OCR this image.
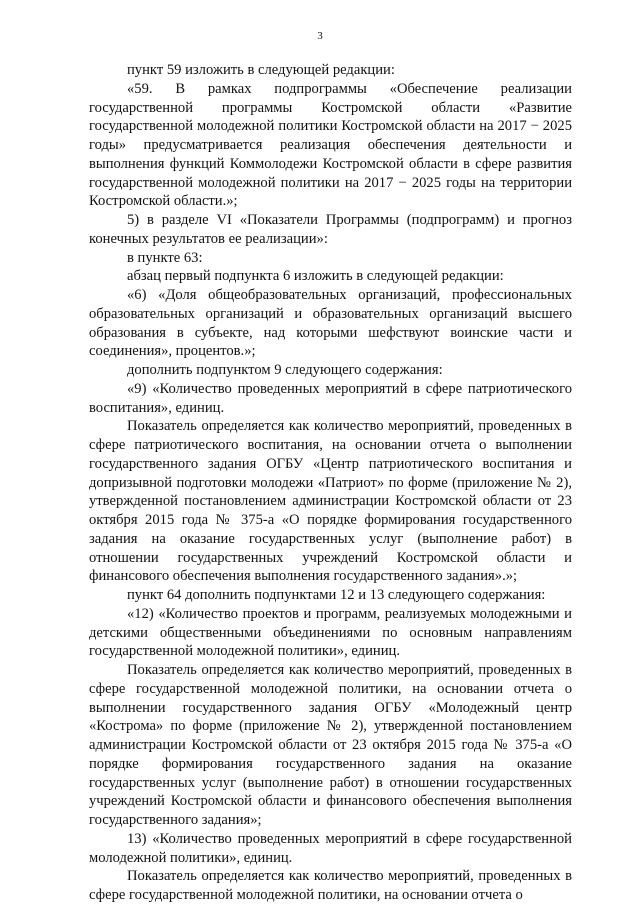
3

пункт 59 изложить в следующей редакции:

«59. В рамках подпрограммы «Обеспечение реализации государственной программы Костромской области «Развитие государственной молодежной политики Костромской области на 2017 − 2025 годы» предусматривается реализация обеспечения деятельности и выполнения функций Коммолодежи Костромской области в сфере развития государственной молодежной политики на 2017 − 2025 годы на территории Костромской области.»;

5) в разделе VI «Показатели Программы (подпрограмм) и прогноз конечных результатов ее реализации»:

в пункте 63:

абзац первый подпункта 6 изложить в следующей редакции:

«6) «Доля общеобразовательных организаций, профессиональных образовательных организаций и образовательных организаций высшего образования в субъекте, над которыми шефствуют воинские части и соединения», процентов.»;

дополнить подпунктом 9 следующего содержания:

«9) «Количество проведенных мероприятий в сфере патриотического воспитания», единиц.

Показатель определяется как количество мероприятий, проведенных в сфере патриотического воспитания, на основании отчета о выполнении государственного задания ОГБУ «Центр патриотического воспитания и допризывной подготовки молодежи «Патриот» по форме (приложение № 2), утвержденной постановлением администрации Костромской области от 23 октября 2015 года № 375-а «О порядке формирования государственного задания на оказание государственных услуг (выполнение работ) в отношении государственных учреждений Костромской области и финансового обеспечения выполнения государственного задания».»;

пункт 64 дополнить подпунктами 12 и 13 следующего содержания:

«12) «Количество проектов и программ, реализуемых молодежными и детскими общественными объединениями по основным направлениям государственной молодежной политики», единиц.

Показатель определяется как количество мероприятий, проведенных в сфере государственной молодежной политики, на основании отчета о выполнении государственного задания ОГБУ «Молодежный центр «Кострома» по форме (приложение № 2), утвержденной постановлением администрации Костромской области от 23 октября 2015 года № 375-а «О порядке формирования государственного задания на оказание государственных услуг (выполнение работ) в отношении государственных учреждений Костромской области и финансового обеспечения выполнения государственного задания»;

13) «Количество проведенных мероприятий в сфере государственной молодежной политики», единиц.

Показатель определяется как количество мероприятий, проведенных в сфере государственной молодежной политики, на основании отчета о
